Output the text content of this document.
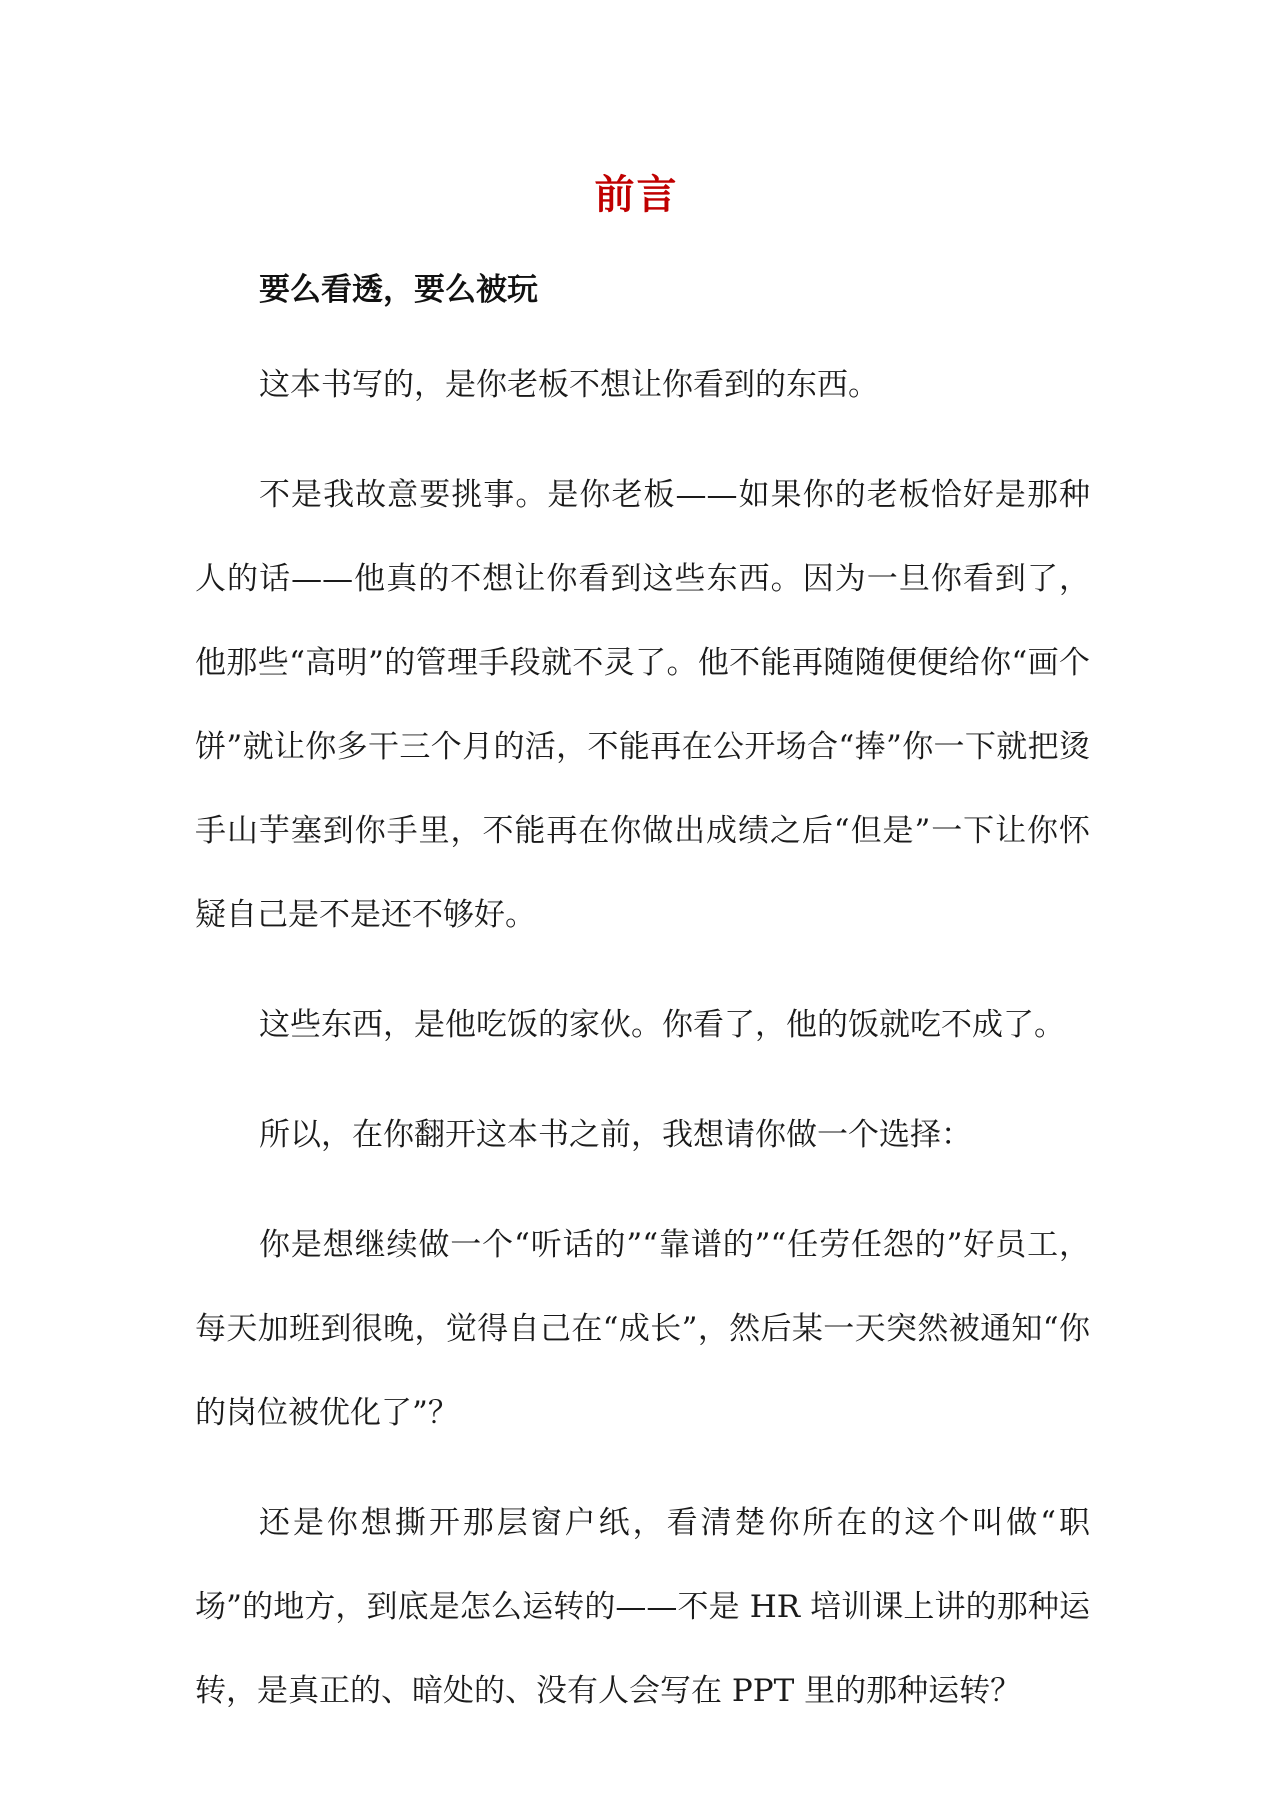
前言

要么看透，要么被玩

这本书写的，是你老板不想让你看到的东西。

不是我故意要挑事。是你老板——如果你的老板恰好是那种人的话——他真的不想让你看到这些东西。因为一旦你看到了，他那些“高明”的管理手段就不灵了。他不能再随随便便给你“画个饼”就让你多干三个月的活，不能再在公开场合“捧”你一下就把烫手山芋塞到你手里，不能再在你做出成绩之后“但是”一下让你怀疑自己是不是还不够好。

这些东西，是他吃饭的家伙。你看了，他的饭就吃不成了。

所以，在你翻开这本书之前，我想请你做一个选择：

你是想继续做一个“听话的”“靠谱的”“任劳任怨的”好员工，每天加班到很晚，觉得自己在“成长”，然后某一天突然被通知“你的岗位被优化了”？

还是你想撕开那层窗户纸，看清楚你所在的这个叫做“职场”的地方，到底是怎么运转的——不是 HR 培训课上讲的那种运转，是真正的、暗处的、没有人会写在 PPT 里的那种运转？
